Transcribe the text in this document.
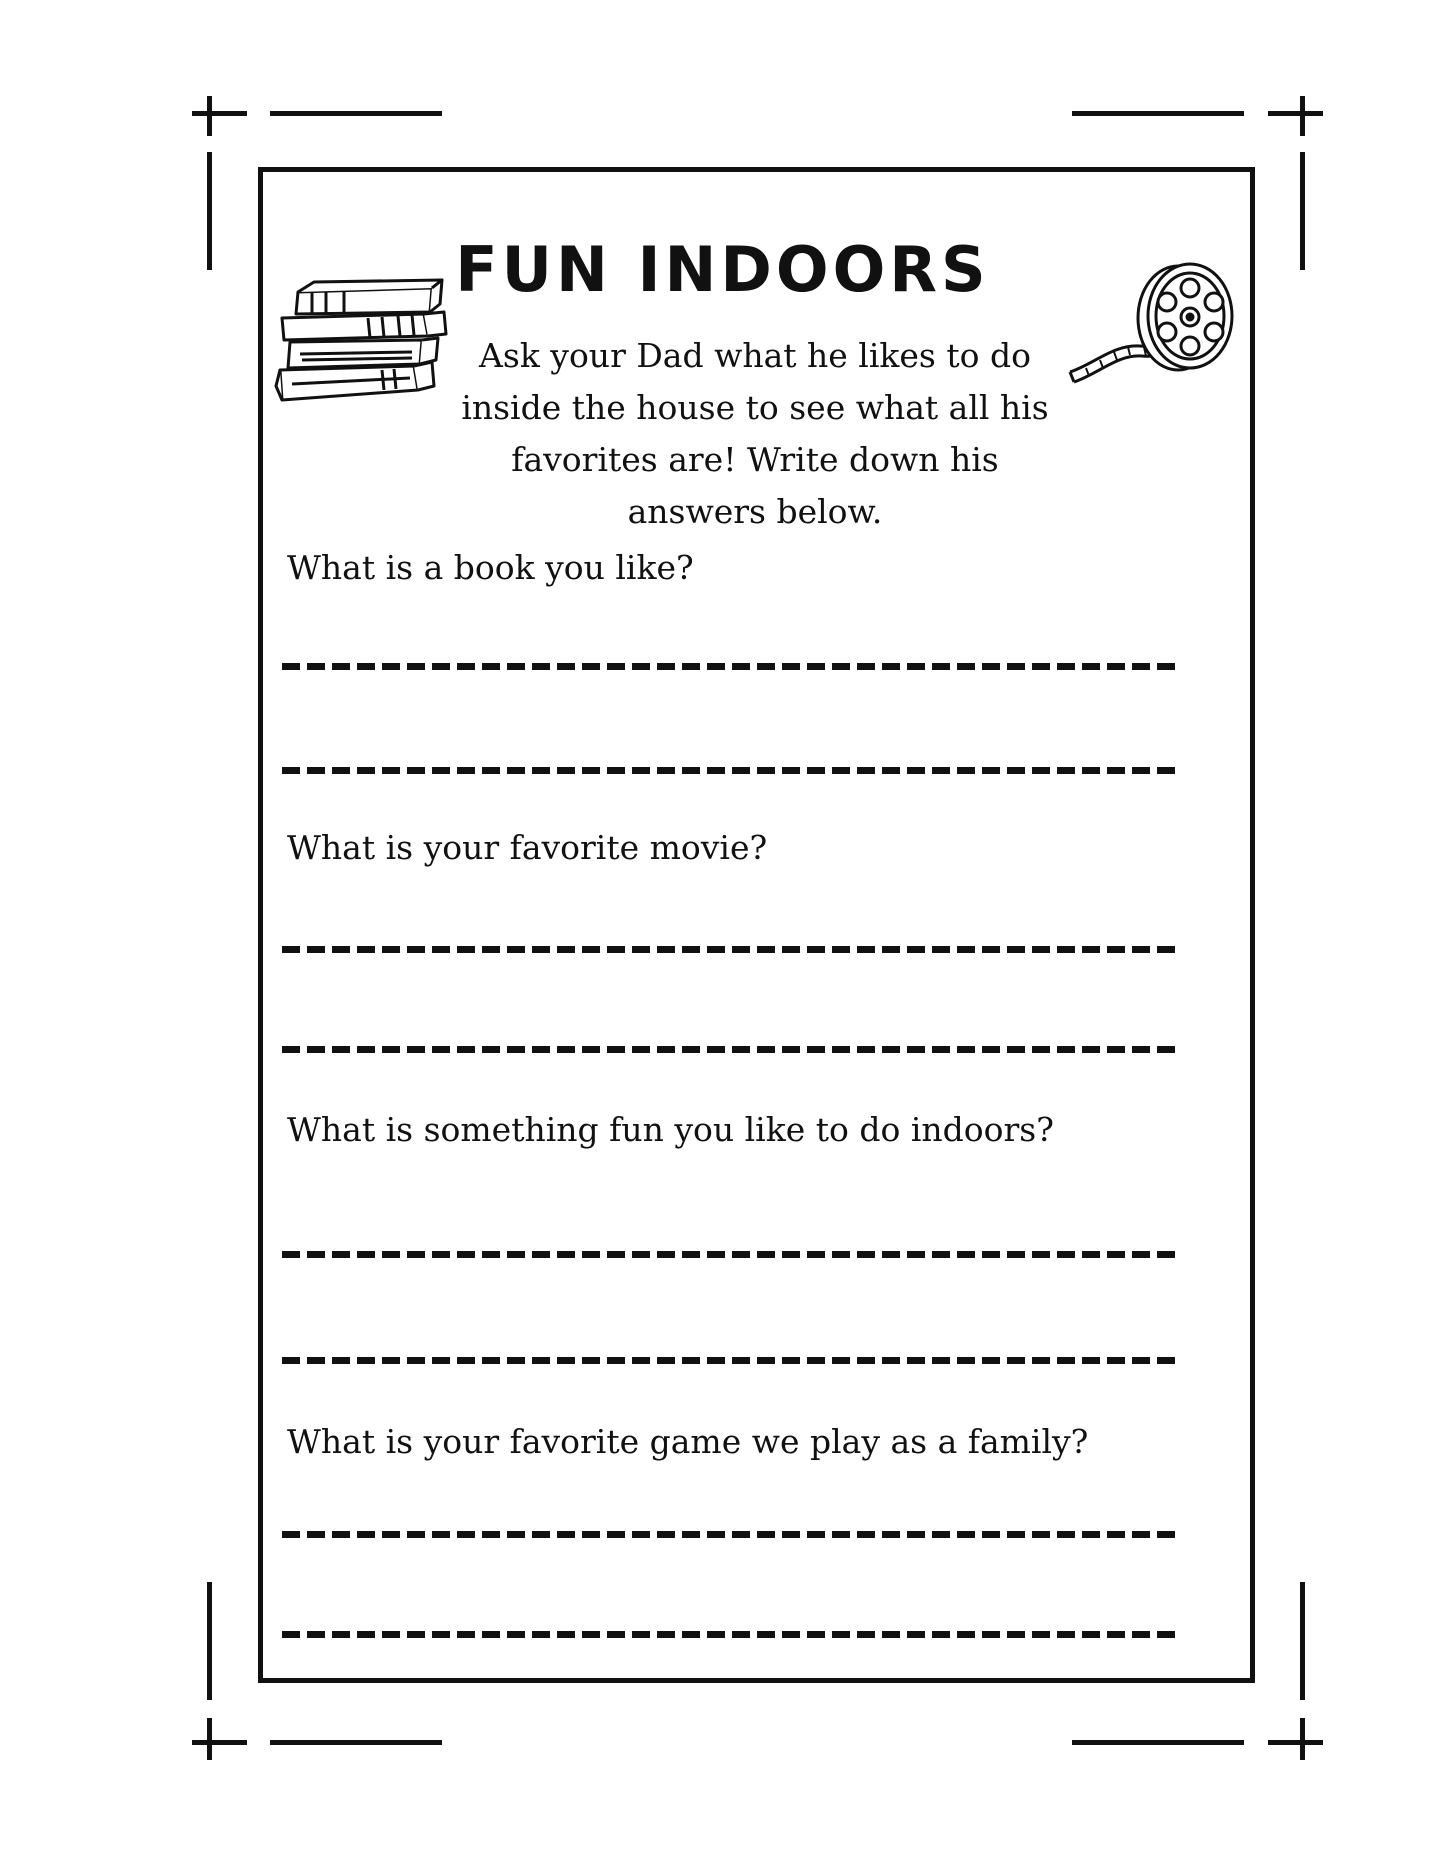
FUN INDOORS

Ask your Dad what he likes to do inside the house to see what all his favorites are! Write down his answers below.

What is a book you like?

What is your favorite movie?

What is something fun you like to do indoors?

What is your favorite game we play as a family?
